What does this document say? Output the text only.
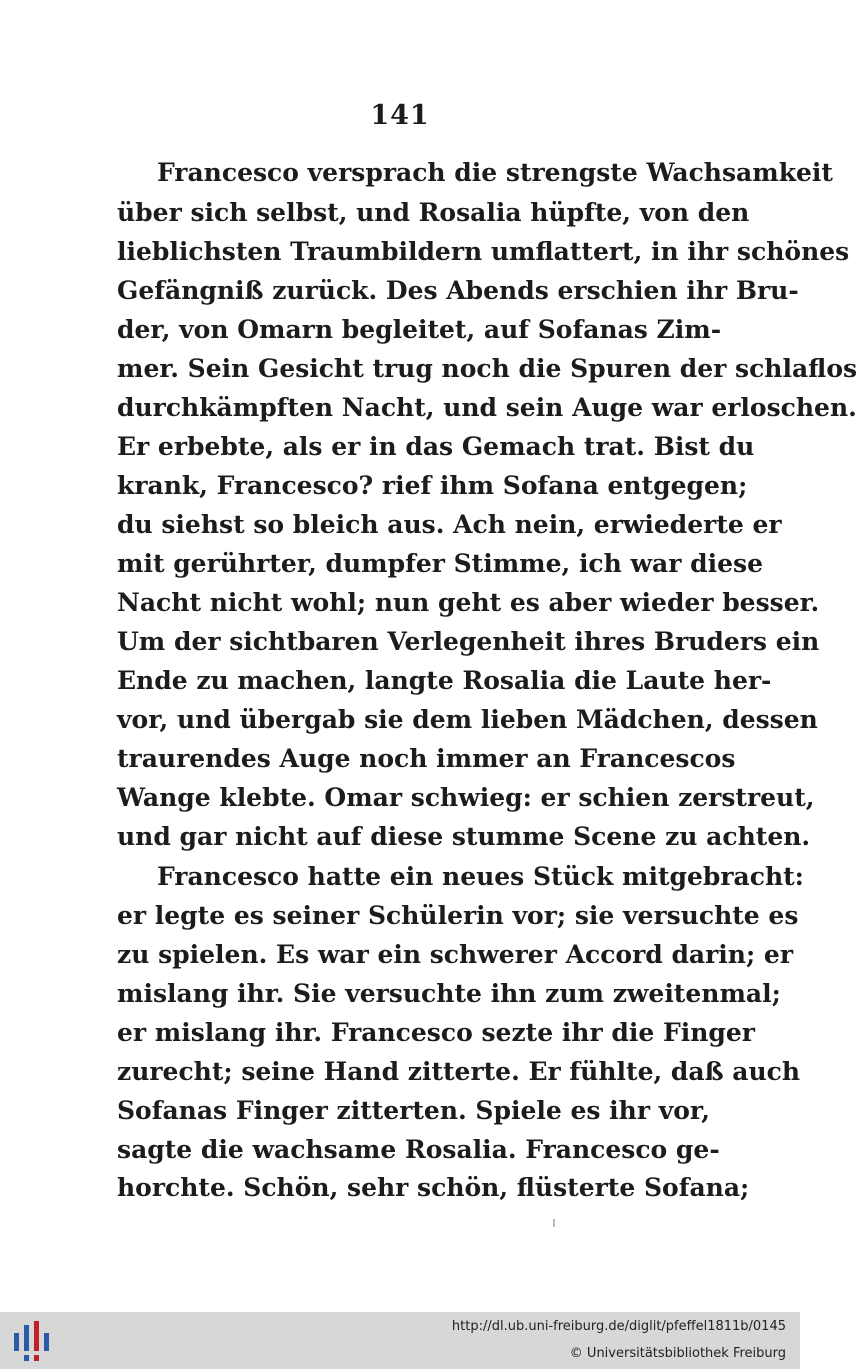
141
Francesco versprach die strengste Wachsamkeit
über sich selbst, und Rosalia hüpfte, von den
lieblichsten Traumbildern umflattert, in ihr schönes
Gefängniß zurück. Des Abends erschien ihr Bru-
der, von Omarn begleitet, auf Sofanas Zim-
mer. Sein Gesicht trug noch die Spuren der schlaflos
durchkämpften Nacht, und sein Auge war erloschen.
Er erbebte, als er in das Gemach trat. Bist du
krank, Francesco? rief ihm Sofana entgegen;
du siehst so bleich aus. Ach nein, erwiederte er
mit gerührter, dumpfer Stimme, ich war diese
Nacht nicht wohl; nun geht es aber wieder besser.
Um der sichtbaren Verlegenheit ihres Bruders ein
Ende zu machen, langte Rosalia die Laute her-
vor, und übergab sie dem lieben Mädchen, dessen
traurendes Auge noch immer an Francescos
Wange klebte. Omar schwieg: er schien zerstreut,
und gar nicht auf diese stumme Scene zu achten.
Francesco hatte ein neues Stück mitgebracht:
er legte es seiner Schülerin vor; sie versuchte es
zu spielen. Es war ein schwerer Accord darin; er
mislang ihr. Sie versuchte ihn zum zweitenmal;
er mislang ihr. Francesco sezte ihr die Finger
zurecht; seine Hand zitterte. Er fühlte, daß auch
Sofanas Finger zitterten. Spiele es ihr vor,
sagte die wachsame Rosalia. Francesco ge-
horchte. Schön, sehr schön, flüsterte Sofana;
http://dl.ub.uni-freiburg.de/diglit/pfeffel1811b/0145
© Universitätsbibliothek Freiburg
